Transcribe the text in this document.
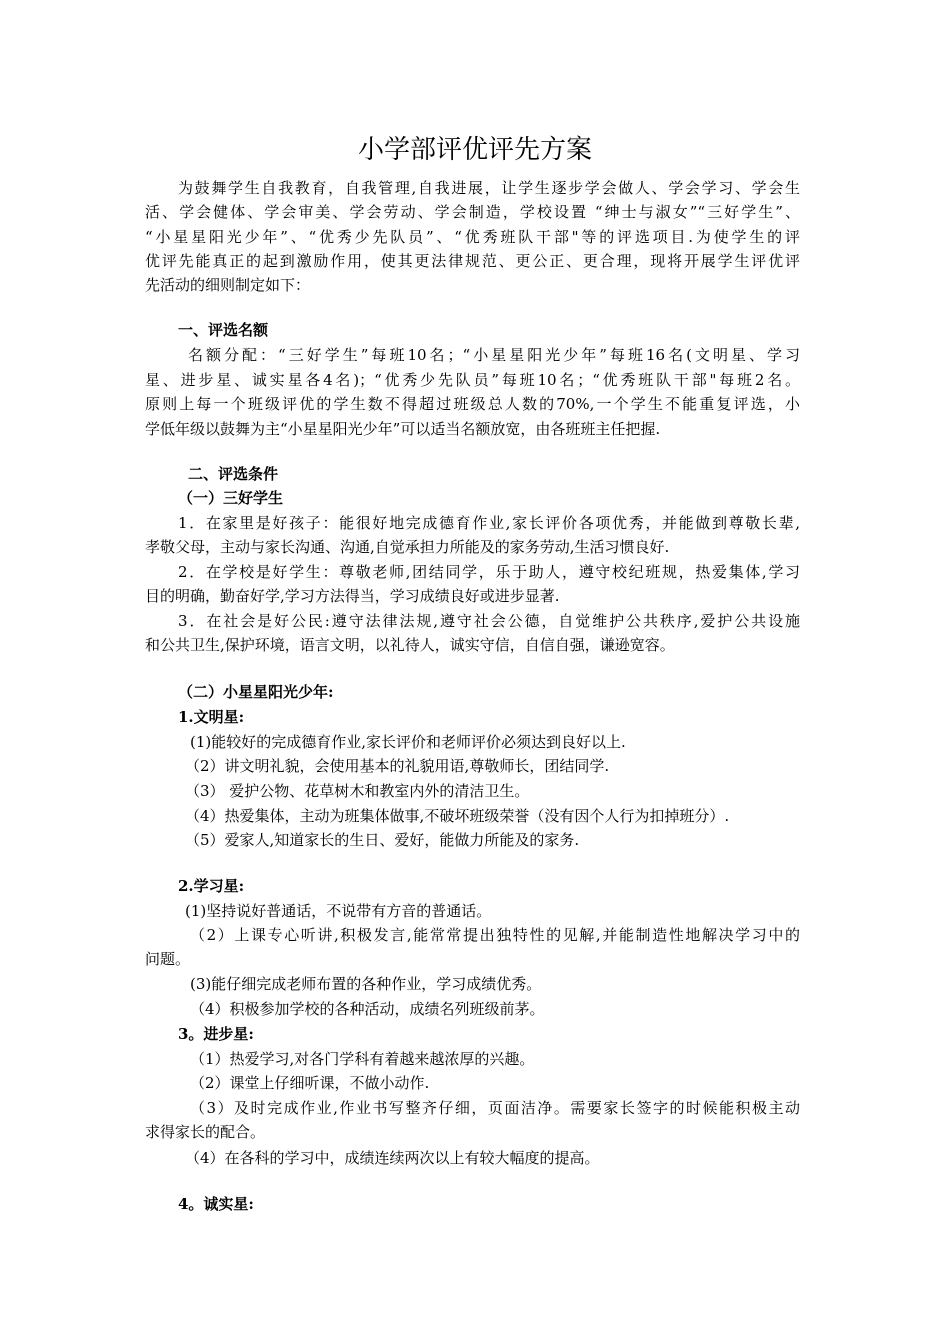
小学部评优评先方案
为鼓舞学生自我教育，自我管理,自我进展，让学生逐步学会做人、学会学习、学会生
活、学会健体、学会审美、学会劳动、学会制造，学校设置 “绅士与淑女”“三好学生”、
“小星星阳光少年”、“优秀少先队员”、“优秀班队干部"等的评选项目.为使学生的评
优评先能真正的起到激励作用，使其更法律规范、更公正、更合理，现将开展学生评优评
先活动的细则制定如下：
一、评选名额
名额分配：“三好学生”每班10名；“小星星阳光少年”每班16名(文明星、学习
星、进步星、诚实星各4名)；“优秀少先队员”每班10名；“优秀班队干部"每班2名。
原则上每一个班级评优的学生数不得超过班级总人数的70%,一个学生不能重复评选，小
学低年级以鼓舞为主“小星星阳光少年”可以适当名额放宽，由各班班主任把握.
二、评选条件
（一）三好学生
1．在家里是好孩子：能很好地完成德育作业,家长评价各项优秀，并能做到尊敬长辈,
孝敬父母，主动与家长沟通、沟通,自觉承担力所能及的家务劳动,生活习惯良好.
2．在学校是好学生：尊敬老师,团结同学，乐于助人，遵守校纪班规，热爱集体,学习
目的明确，勤奋好学,学习方法得当，学习成绩良好或进步显著.
3．在社会是好公民:遵守法律法规,遵守社会公德，自觉维护公共秩序,爱护公共设施
和公共卫生,保护环境，语言文明，以礼待人，诚实守信，自信自强，谦逊宽容。
（二）小星星阳光少年:
1.文明星:
(1)能较好的完成德育作业,家长评价和老师评价必须达到良好以上.
（2）讲文明礼貌，会使用基本的礼貌用语,尊敬师长，团结同学.
（3） 爱护公物、花草树木和教室内外的清洁卫生。
（4）热爱集体，主动为班集体做事,不破坏班级荣誉（没有因个人行为扣掉班分）.
（5）爱家人,知道家长的生日、爱好，能做力所能及的家务.
2.学习星:
(1)坚持说好普通话，不说带有方音的普通话。
（2）上课专心听讲,积极发言,能常常提出独特性的见解,并能制造性地解决学习中的
问题。
(3)能仔细完成老师布置的各种作业，学习成绩优秀。
（4）积极参加学校的各种活动，成绩名列班级前茅。
3。进步星:
（1）热爱学习,对各门学科有着越来越浓厚的兴趣。
（2）课堂上仔细听课，不做小动作.
（3）及时完成作业,作业书写整齐仔细，页面洁净。需要家长签字的时候能积极主动
求得家长的配合。
（4）在各科的学习中，成绩连续两次以上有较大幅度的提高。
4。诚实星:
